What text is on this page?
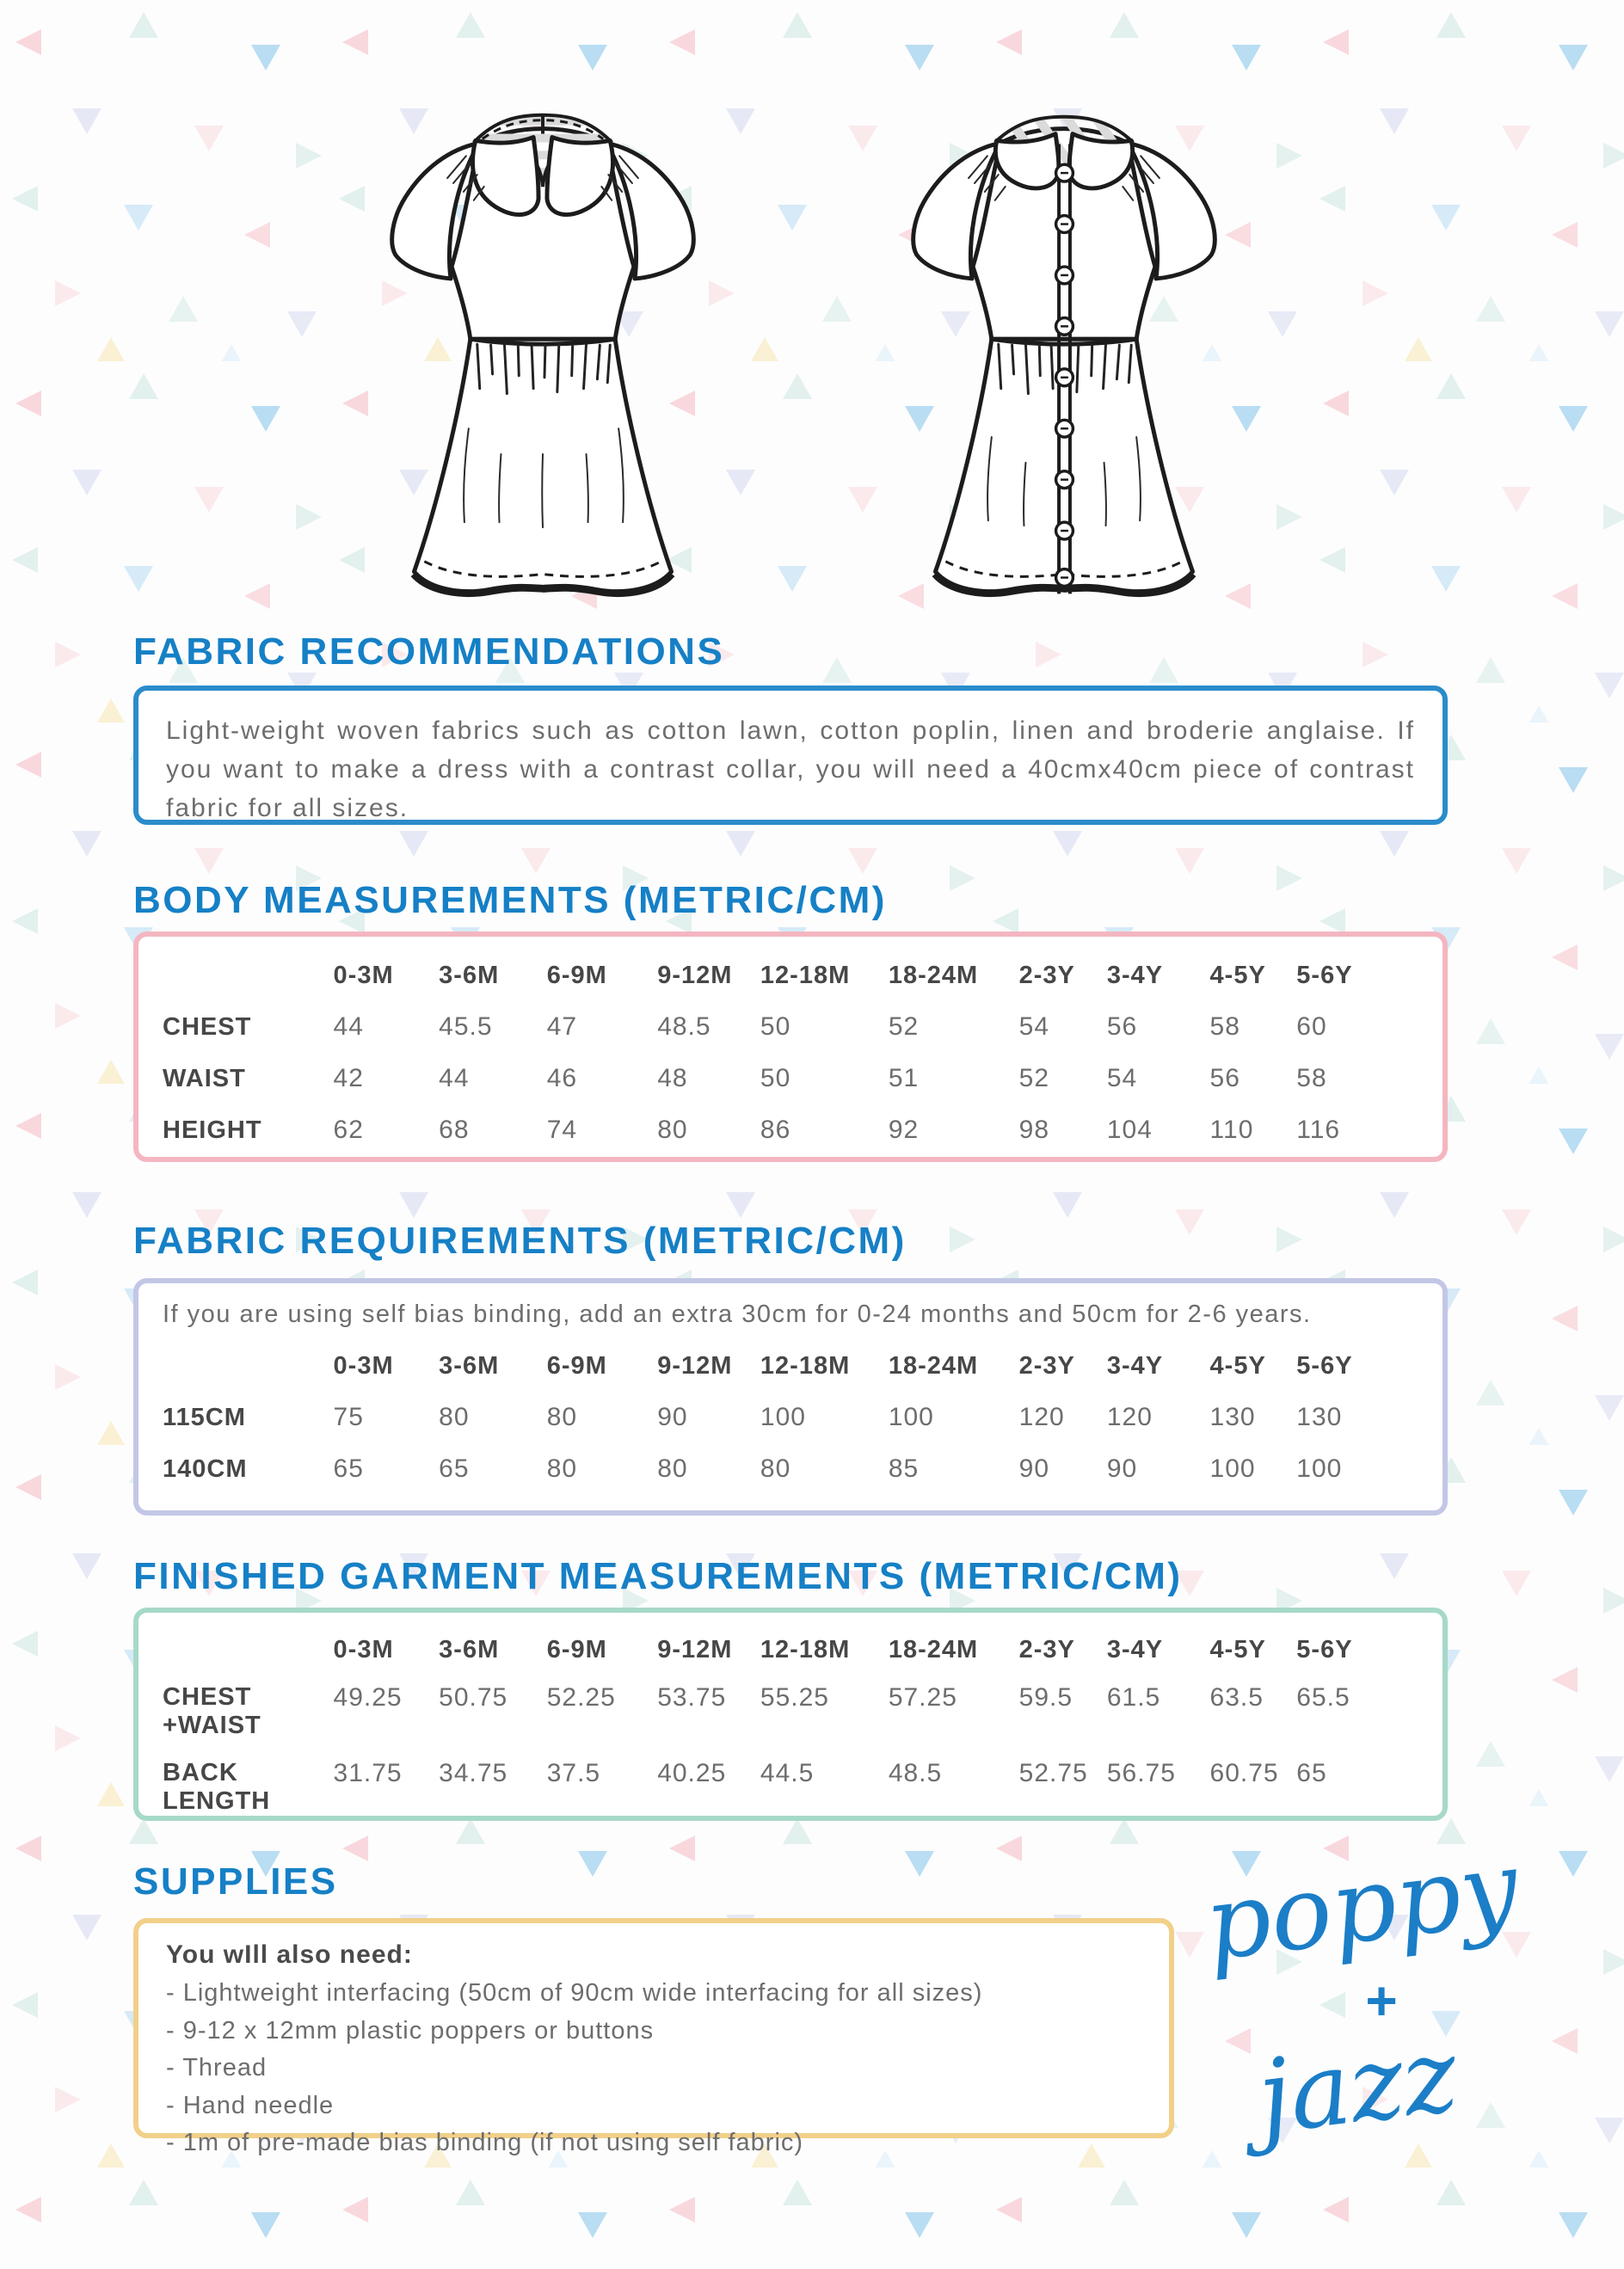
FABRIC RECOMMENDATIONS

Light-weight woven fabrics such as cotton lawn, cotton poplin, linen and broderie anglaise. If you want to make a dress with a contrast collar, you will need a 40cmx40cm piece of contrast fabric for all sizes.

BODY MEASUREMENTS (METRIC/CM)
	0-3M	3-6M	6-9M	9-12M	12-18M	18-24M	2-3Y	3-4Y	4-5Y	5-6Y
CHEST	44	45.5	47	48.5	50	52	54	56	58	60
WAIST	42	44	46	48	50	51	52	54	56	58
HEIGHT	62	68	74	80	86	92	98	104	110	116
FABRIC REQUIREMENTS (METRIC/CM)

If you are using self bias binding, add an extra 30cm for 0-24 months and 50cm for 2-6 years.

	0-3M	3-6M	6-9M	9-12M	12-18M	18-24M	2-3Y	3-4Y	4-5Y	5-6Y
115CM	75	80	80	90	100	100	120	120	130	130
140CM	65	65	80	80	80	85	90	90	100	100
FINISHED GARMENT MEASUREMENTS (METRIC/CM)
	0-3M	3-6M	6-9M	9-12M	12-18M	18-24M	2-3Y	3-4Y	4-5Y	5-6Y
CHEST +WAIST	49.25	50.75	52.25	53.75	55.25	57.25	59.5	61.5	63.5	65.5
BACK LENGTH	31.75	34.75	37.5	40.25	44.5	48.5	52.75	56.75	60.75	65
SUPPLIES
You wIll also need:
- Lightweight interfacing (50cm of 90cm wide interfacing for all sizes)
- 9-12 x 12mm plastic poppers or buttons
- Thread
- Hand needle
- 1m of pre-made bias binding (if not using self fabric)
poppy
+
jazz
